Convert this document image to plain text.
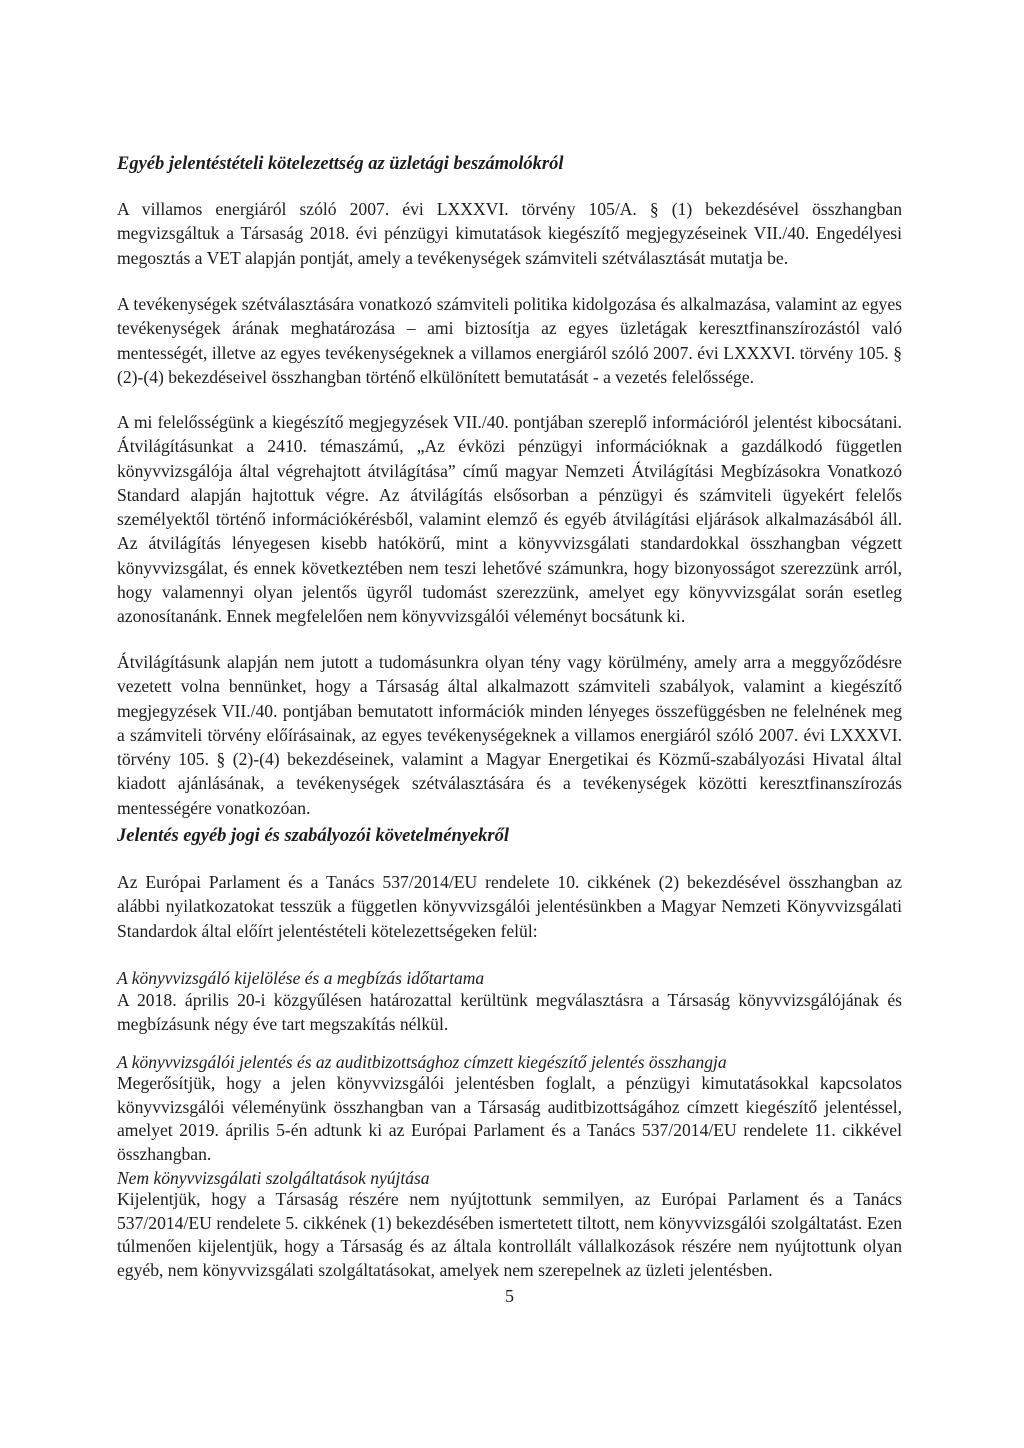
Egyéb jelentéstételi kötelezettség az üzletági beszámolókról
A villamos energiáról szóló 2007. évi LXXXVI. törvény 105/A. § (1) bekezdésével összhangban megvizsgáltuk a Társaság 2018. évi pénzügyi kimutatások kiegészítő megjegyzéseinek VII./40. Engedélyesi megosztás a VET alapján pontját, amely a tevékenységek számviteli szétválasztását mutatja be.
A tevékenységek szétválasztására vonatkozó számviteli politika kidolgozása és alkalmazása, valamint az egyes tevékenységek árának meghatározása – ami biztosítja az egyes üzletágak keresztfinanszírozástól való mentességét, illetve az egyes tevékenységeknek a villamos energiáról szóló 2007. évi LXXXVI. törvény 105. § (2)-(4) bekezdéseivel összhangban történő elkülönített bemutatását - a vezetés felelőssége.
A mi felelősségünk a kiegészítő megjegyzések VII./40. pontjában szereplő információról jelentést kibocsátani. Átvilágításunkat a 2410. témaszámú, „Az évközi pénzügyi információknak a gazdálkodó független könyvvizsgálója által végrehajtott átvilágítása” című magyar Nemzeti Átvilágítási Megbízásokra Vonatkozó Standard alapján hajtottuk végre. Az átvilágítás elsősorban a pénzügyi és számviteli ügyekért felelős személyektől történő információkérésből, valamint elemző és egyéb átvilágítási eljárások alkalmazásából áll. Az átvilágítás lényegesen kisebb hatókörű, mint a könyvvizsgálati standardokkal összhangban végzett könyvvizsgálat, és ennek következtében nem teszi lehetővé számunkra, hogy bizonyosságot szerezzünk arról, hogy valamennyi olyan jelentős ügyről tudomást szerezzünk, amelyet egy könyvvizsgálat során esetleg azonosítanánk. Ennek megfelelően nem könyvvizsgálói véleményt bocsátunk ki.
Átvilágításunk alapján nem jutott a tudomásunkra olyan tény vagy körülmény, amely arra a meggyőződésre vezetett volna bennünket, hogy a Társaság által alkalmazott számviteli szabályok, valamint a kiegészítő megjegyzések VII./40. pontjában bemutatott információk minden lényeges összefüggésben ne felelnének meg a számviteli törvény előírásainak, az egyes tevékenységeknek a villamos energiáról szóló 2007. évi LXXXVI. törvény 105. § (2)-(4) bekezdéseinek, valamint a Magyar Energetikai és Közmű-szabályozási Hivatal által kiadott ajánlásának, a tevékenységek szétválasztására és a tevékenységek közötti keresztfinanszírozás mentességére vonatkozóan.
Jelentés egyéb jogi és szabályozói követelményekről
Az Európai Parlament és a Tanács 537/2014/EU rendelete 10. cikkének (2) bekezdésével összhangban az alábbi nyilatkozatokat tesszük a független könyvvizsgálói jelentésünkben a Magyar Nemzeti Könyvvizsgálati Standardok által előírt jelentéstételi kötelezettségeken felül:
A könyvvizsgáló kijelölése és a megbízás időtartama
A 2018. április 20-i közgyűlésen határozattal kerültünk megválasztásra a Társaság könyvvizsgálójának és megbízásunk négy éve tart megszakítás nélkül.
A könyvvizsgálói jelentés és az auditbizottsághoz címzett kiegészítő jelentés összhangja
Megerősítjük, hogy a jelen könyvvizsgálói jelentésben foglalt, a pénzügyi kimutatásokkal kapcsolatos könyvvizsgálói véleményünk összhangban van a Társaság auditbizottságához címzett kiegészítő jelentéssel, amelyet 2019. április 5-én adtunk ki az Európai Parlament és a Tanács 537/2014/EU rendelete 11. cikkével összhangban.
Nem könyvvizsgálati szolgáltatások nyújtása
Kijelentjük, hogy a Társaság részére nem nyújtottunk semmilyen, az Európai Parlament és a Tanács 537/2014/EU rendelete 5. cikkének (1) bekezdésében ismertetett tiltott, nem könyvvizsgálói szolgáltatást. Ezen túlmenően kijelentjük, hogy a Társaság és az általa kontrollált vállalkozások részére nem nyújtottunk olyan egyéb, nem könyvvizsgálati szolgáltatásokat, amelyek nem szerepelnek az üzleti jelentésben.
5
